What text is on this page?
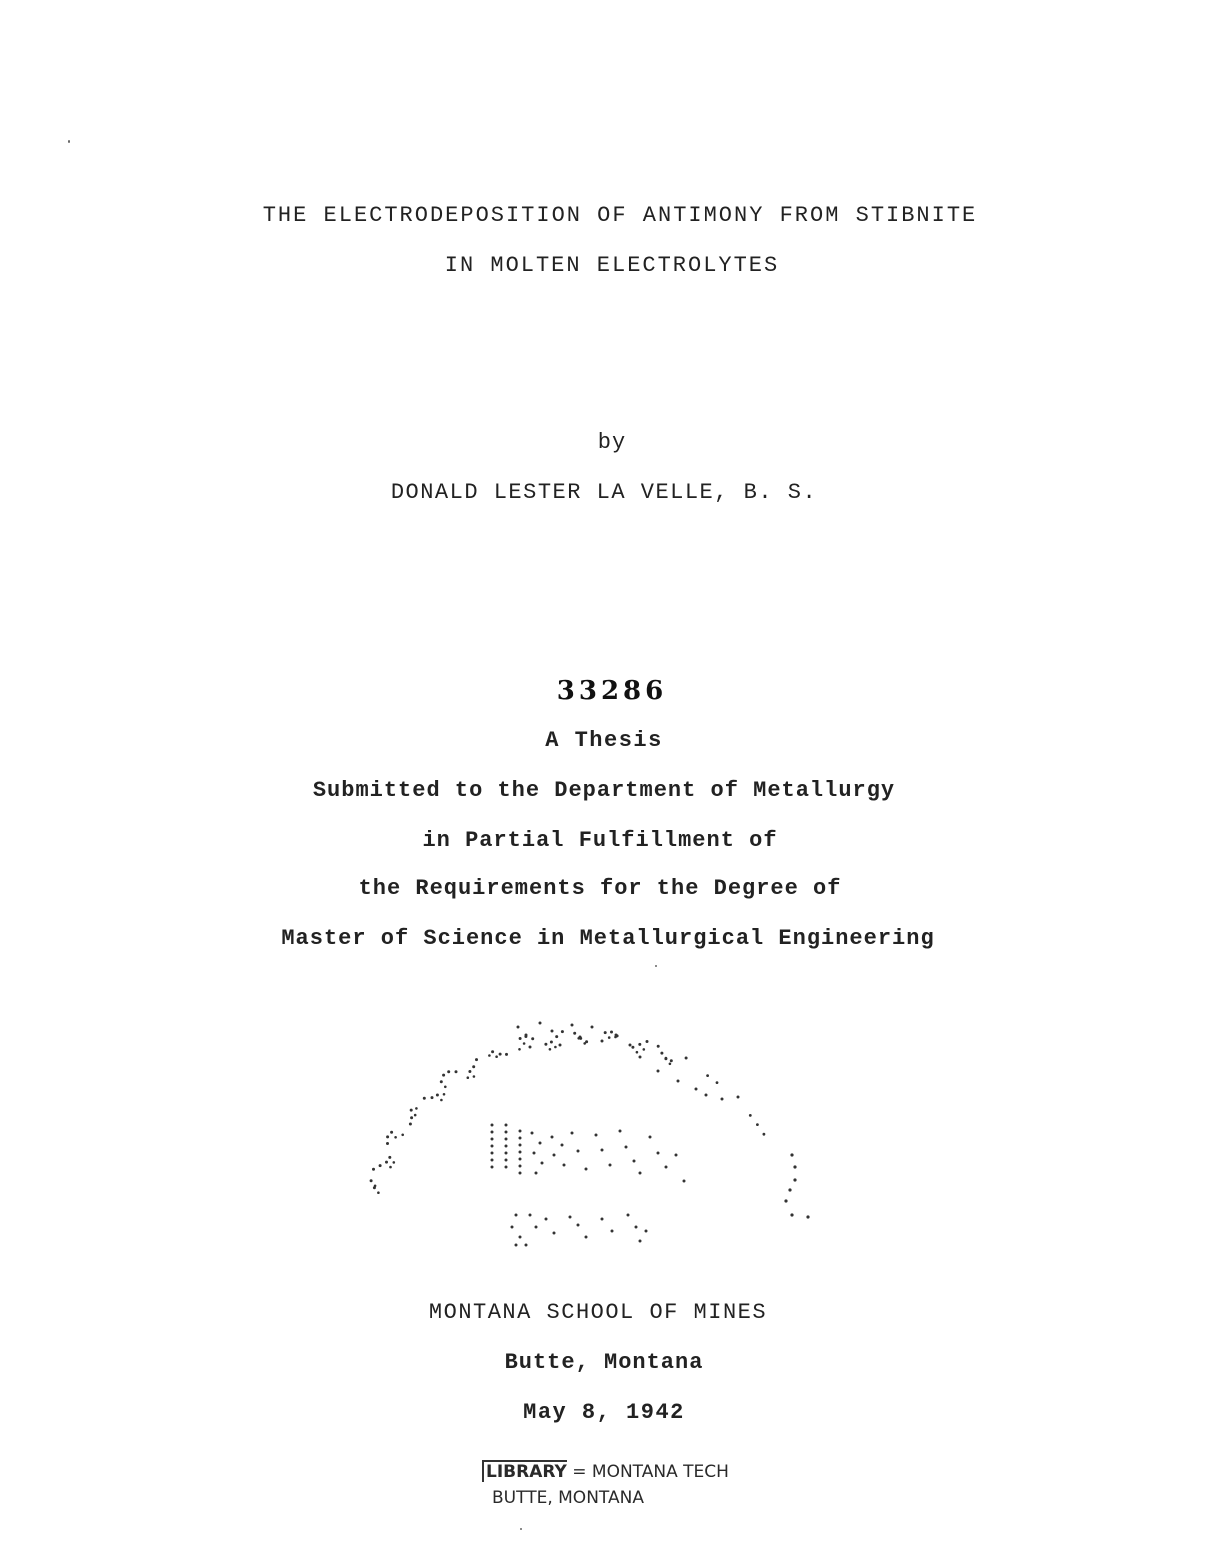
THE ELECTRODEPOSITION OF ANTIMONY FROM STIBNITE
IN MOLTEN ELECTROLYTES
by
DONALD LESTER LA VELLE, B. S.
33286
A Thesis
Submitted to the Department of Metallurgy
in Partial Fulfillment of
the Requirements for the Degree of
Master of Science in Metallurgical Engineering
MONTANA SCHOOL OF MINES
Butte, Montana
May 8, 1942
LIBRARY = MONTANA TECH
BUTTE, MONTANA
